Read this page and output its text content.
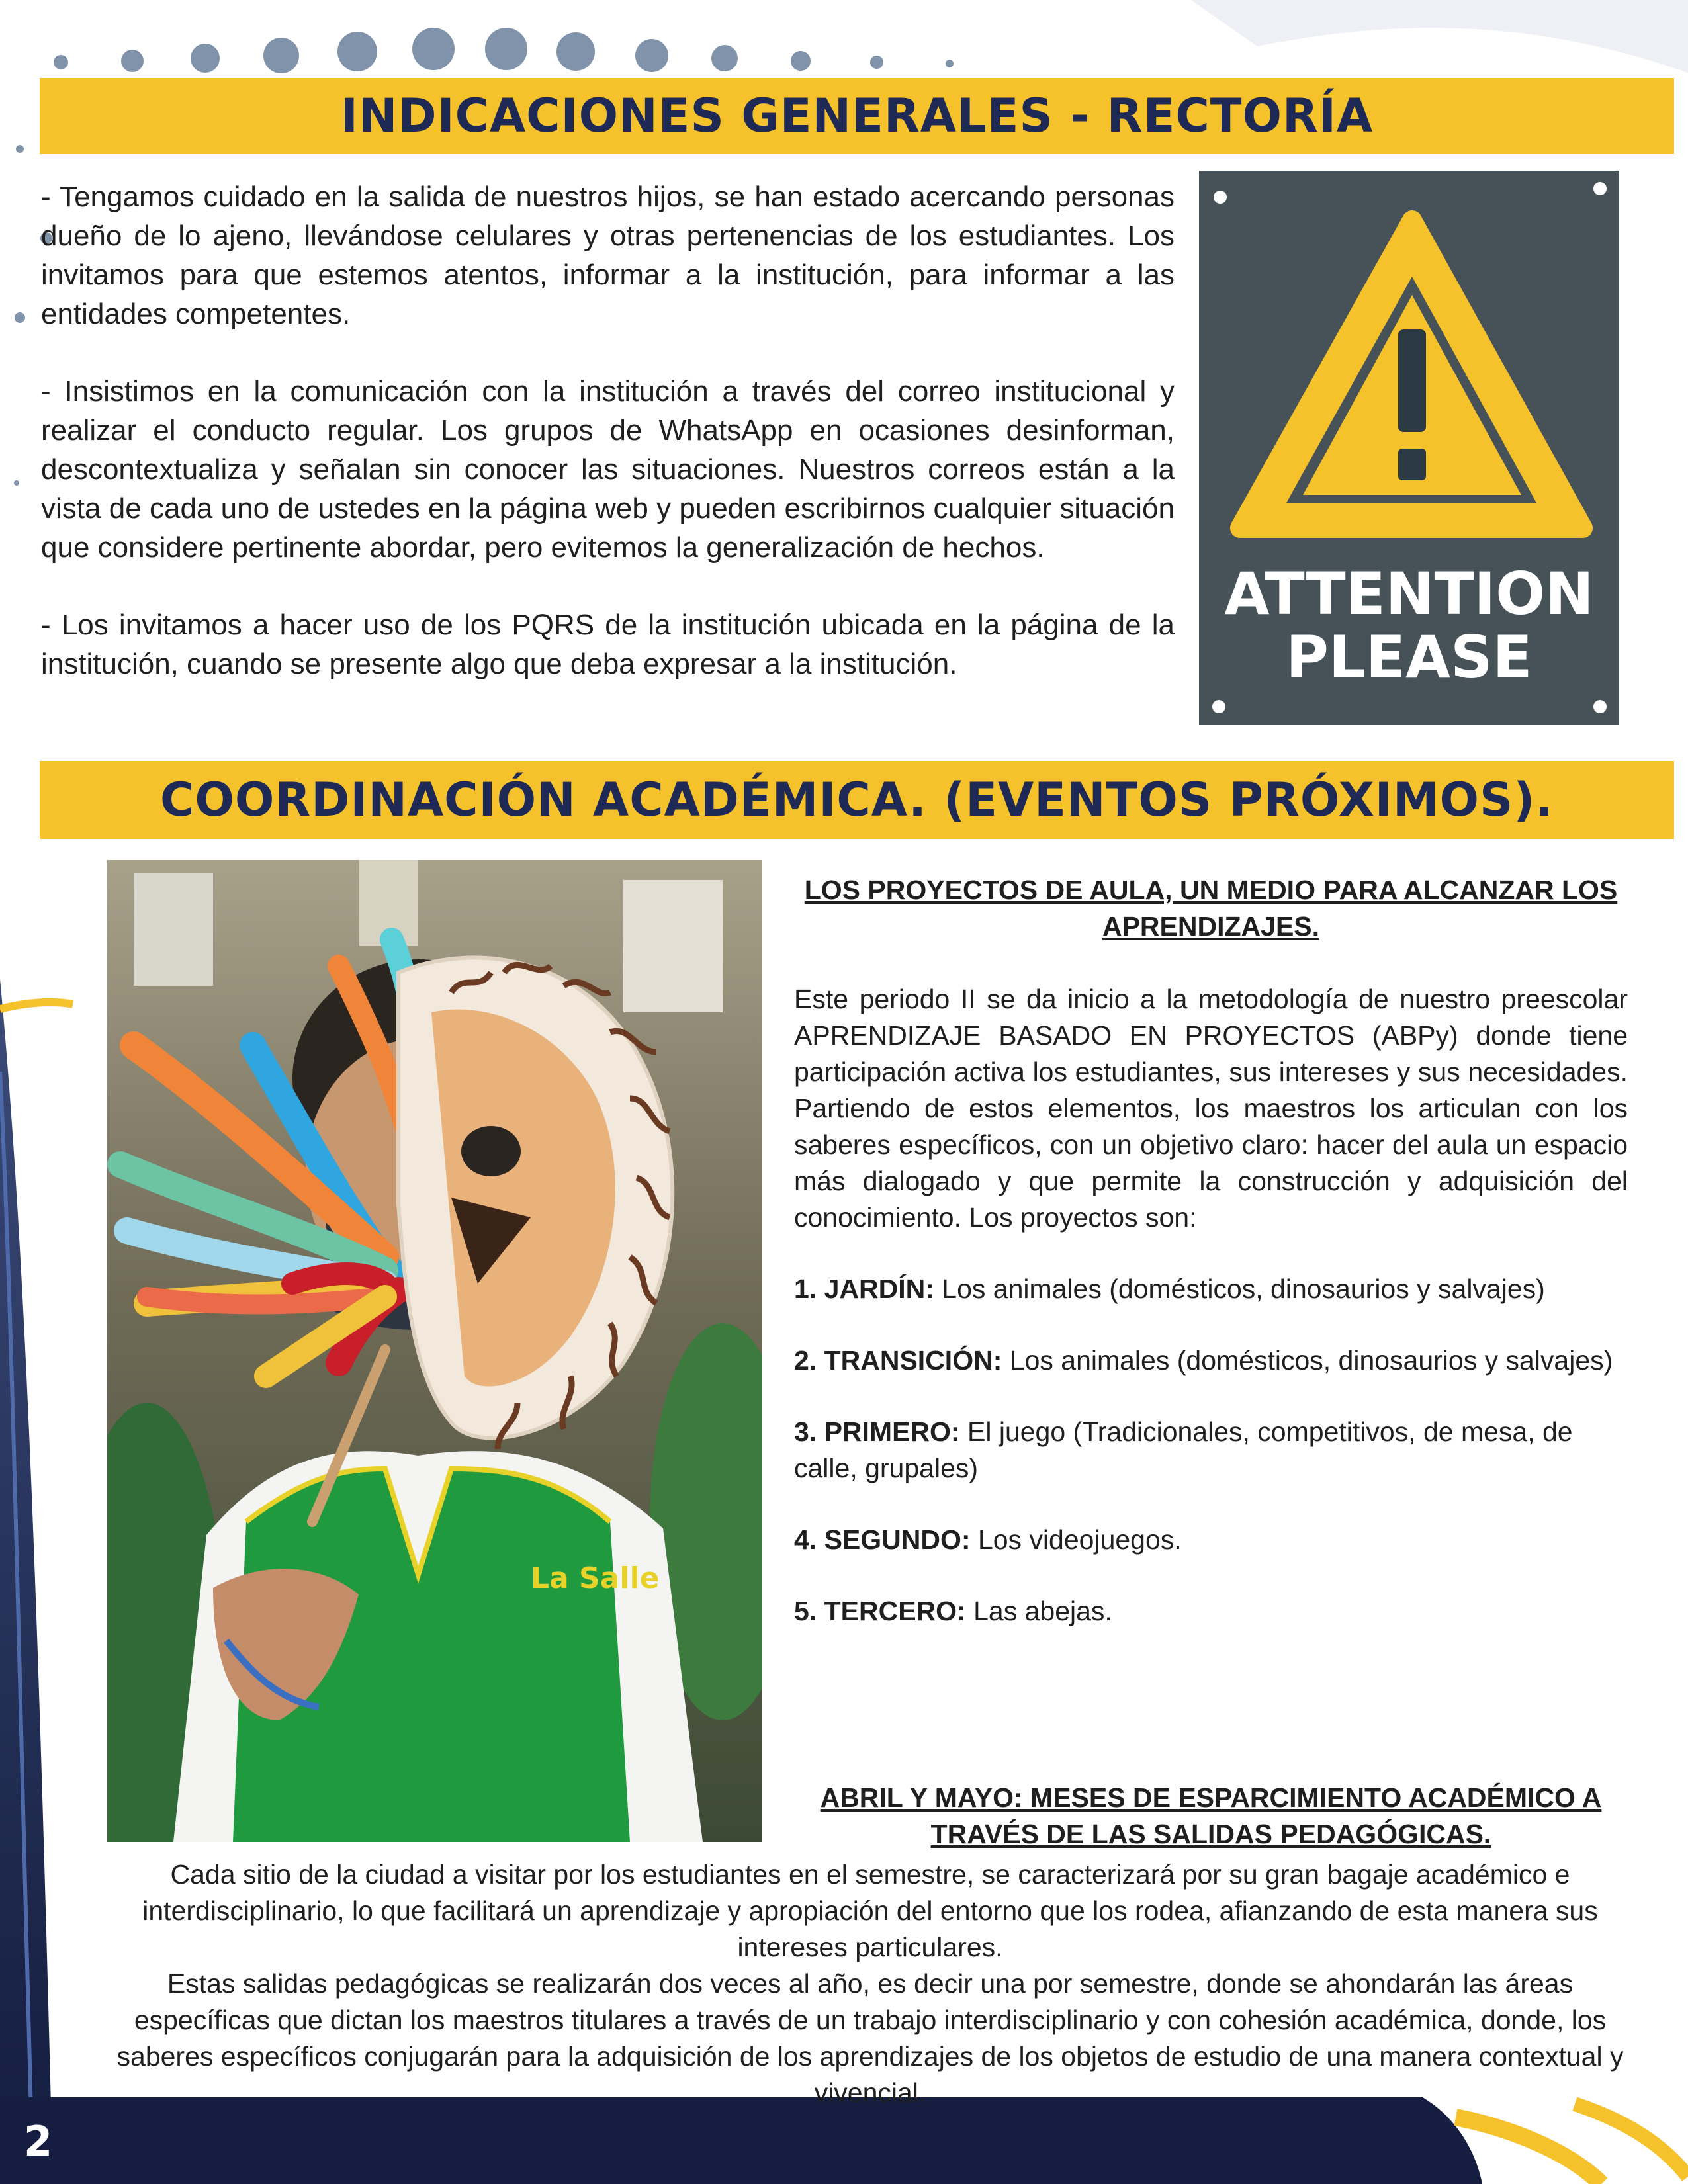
INDICACIONES GENERALES - RECTORÍA

- Tengamos cuidado en la salida de nuestros hijos, se han estado acercando personas dueño de lo ajeno, llevándose celulares y otras pertenencias de los estudiantes. Los invitamos para que estemos atentos, informar a la institución, para informar a las entidades competentes.

- Insistimos en la comunicación con la institución a través del correo institucional y realizar el conducto regular. Los grupos de WhatsApp en ocasiones desinforman, descontextualiza y señalan sin conocer las situaciones. Nuestros correos están a la vista de cada uno de ustedes en la página web y pueden escribirnos cualquier situación que considere pertinente abordar, pero evitemos la generalización de hechos.

- Los invitamos a hacer uso de los PQRS de la institución ubicada en la página de la institución, cuando se presente algo que deba expresar a la institución.

ATTENTION
PLEASE
COORDINACIÓN ACADÉMICA. (EVENTOS PRÓXIMOS).
La Salle
LOS PROYECTOS DE AULA, UN MEDIO PARA ALCANZAR LOS APRENDIZAJES.

Este periodo II se da inicio a la metodología de nuestro preescolar APRENDIZAJE BASADO EN PROYECTOS (ABPy) donde tiene participación activa los estudiantes, sus intereses y sus necesidades. Partiendo de estos elementos, los maestros los articulan con los saberes específicos, con un objetivo claro: hacer del aula un espacio más dialogado y que permite la construcción y adquisición del conocimiento. Los proyectos son:

1. JARDÍN: Los animales (domésticos, dinosaurios y salvajes)

2. TRANSICIÓN: Los animales (domésticos, dinosaurios y salvajes)

3. PRIMERO: El juego (Tradicionales, competitivos, de mesa, de calle, grupales)

4. SEGUNDO: Los videojuegos.

5. TERCERO: Las abejas.

ABRIL Y MAYO: MESES DE ESPARCIMIENTO ACADÉMICO A TRAVÉS DE LAS SALIDAS PEDAGÓGICAS.

Cada sitio de la ciudad a visitar por los estudiantes en el semestre, se caracterizará por su gran bagaje académico e interdisciplinario, lo que facilitará un aprendizaje y apropiación del entorno que los rodea, afianzando de esta manera sus intereses particulares.

Estas salidas pedagógicas se realizarán dos veces al año, es decir una por semestre, donde se ahondarán las áreas específicas que dictan los maestros titulares a través de un trabajo interdisciplinario y con cohesión académica, donde, los saberes específicos conjugarán para la adquisición de los aprendizajes de los objetos de estudio de una manera contextual y vivencial.

2
